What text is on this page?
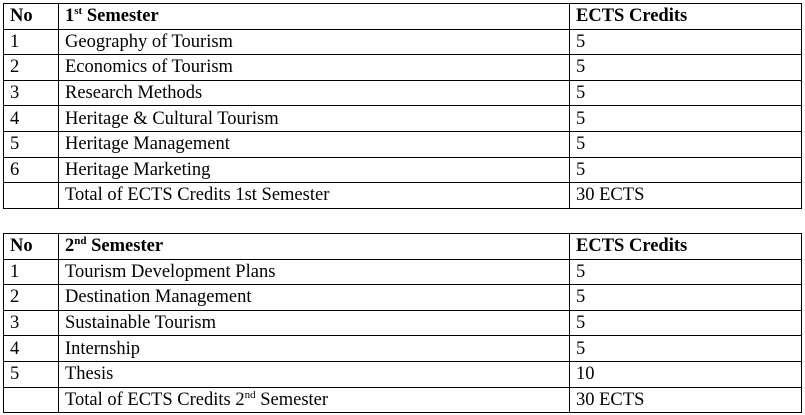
No	1st Semester	ECTS Credits
1	Geography of Tourism	5
2	Economics of Tourism	5
3	Research Methods	5
4	Heritage & Cultural Tourism	5
5	Heritage Management	5
6	Heritage Marketing	5
	Total of ECTS Credits 1st Semester	30 ECTS
No	2nd Semester	ECTS Credits
1	Tourism Development Plans	5
2	Destination Management	5
3	Sustainable Tourism	5
4	Internship	5
5	Thesis	10
	Total of ECTS Credits 2nd Semester	30 ECTS
